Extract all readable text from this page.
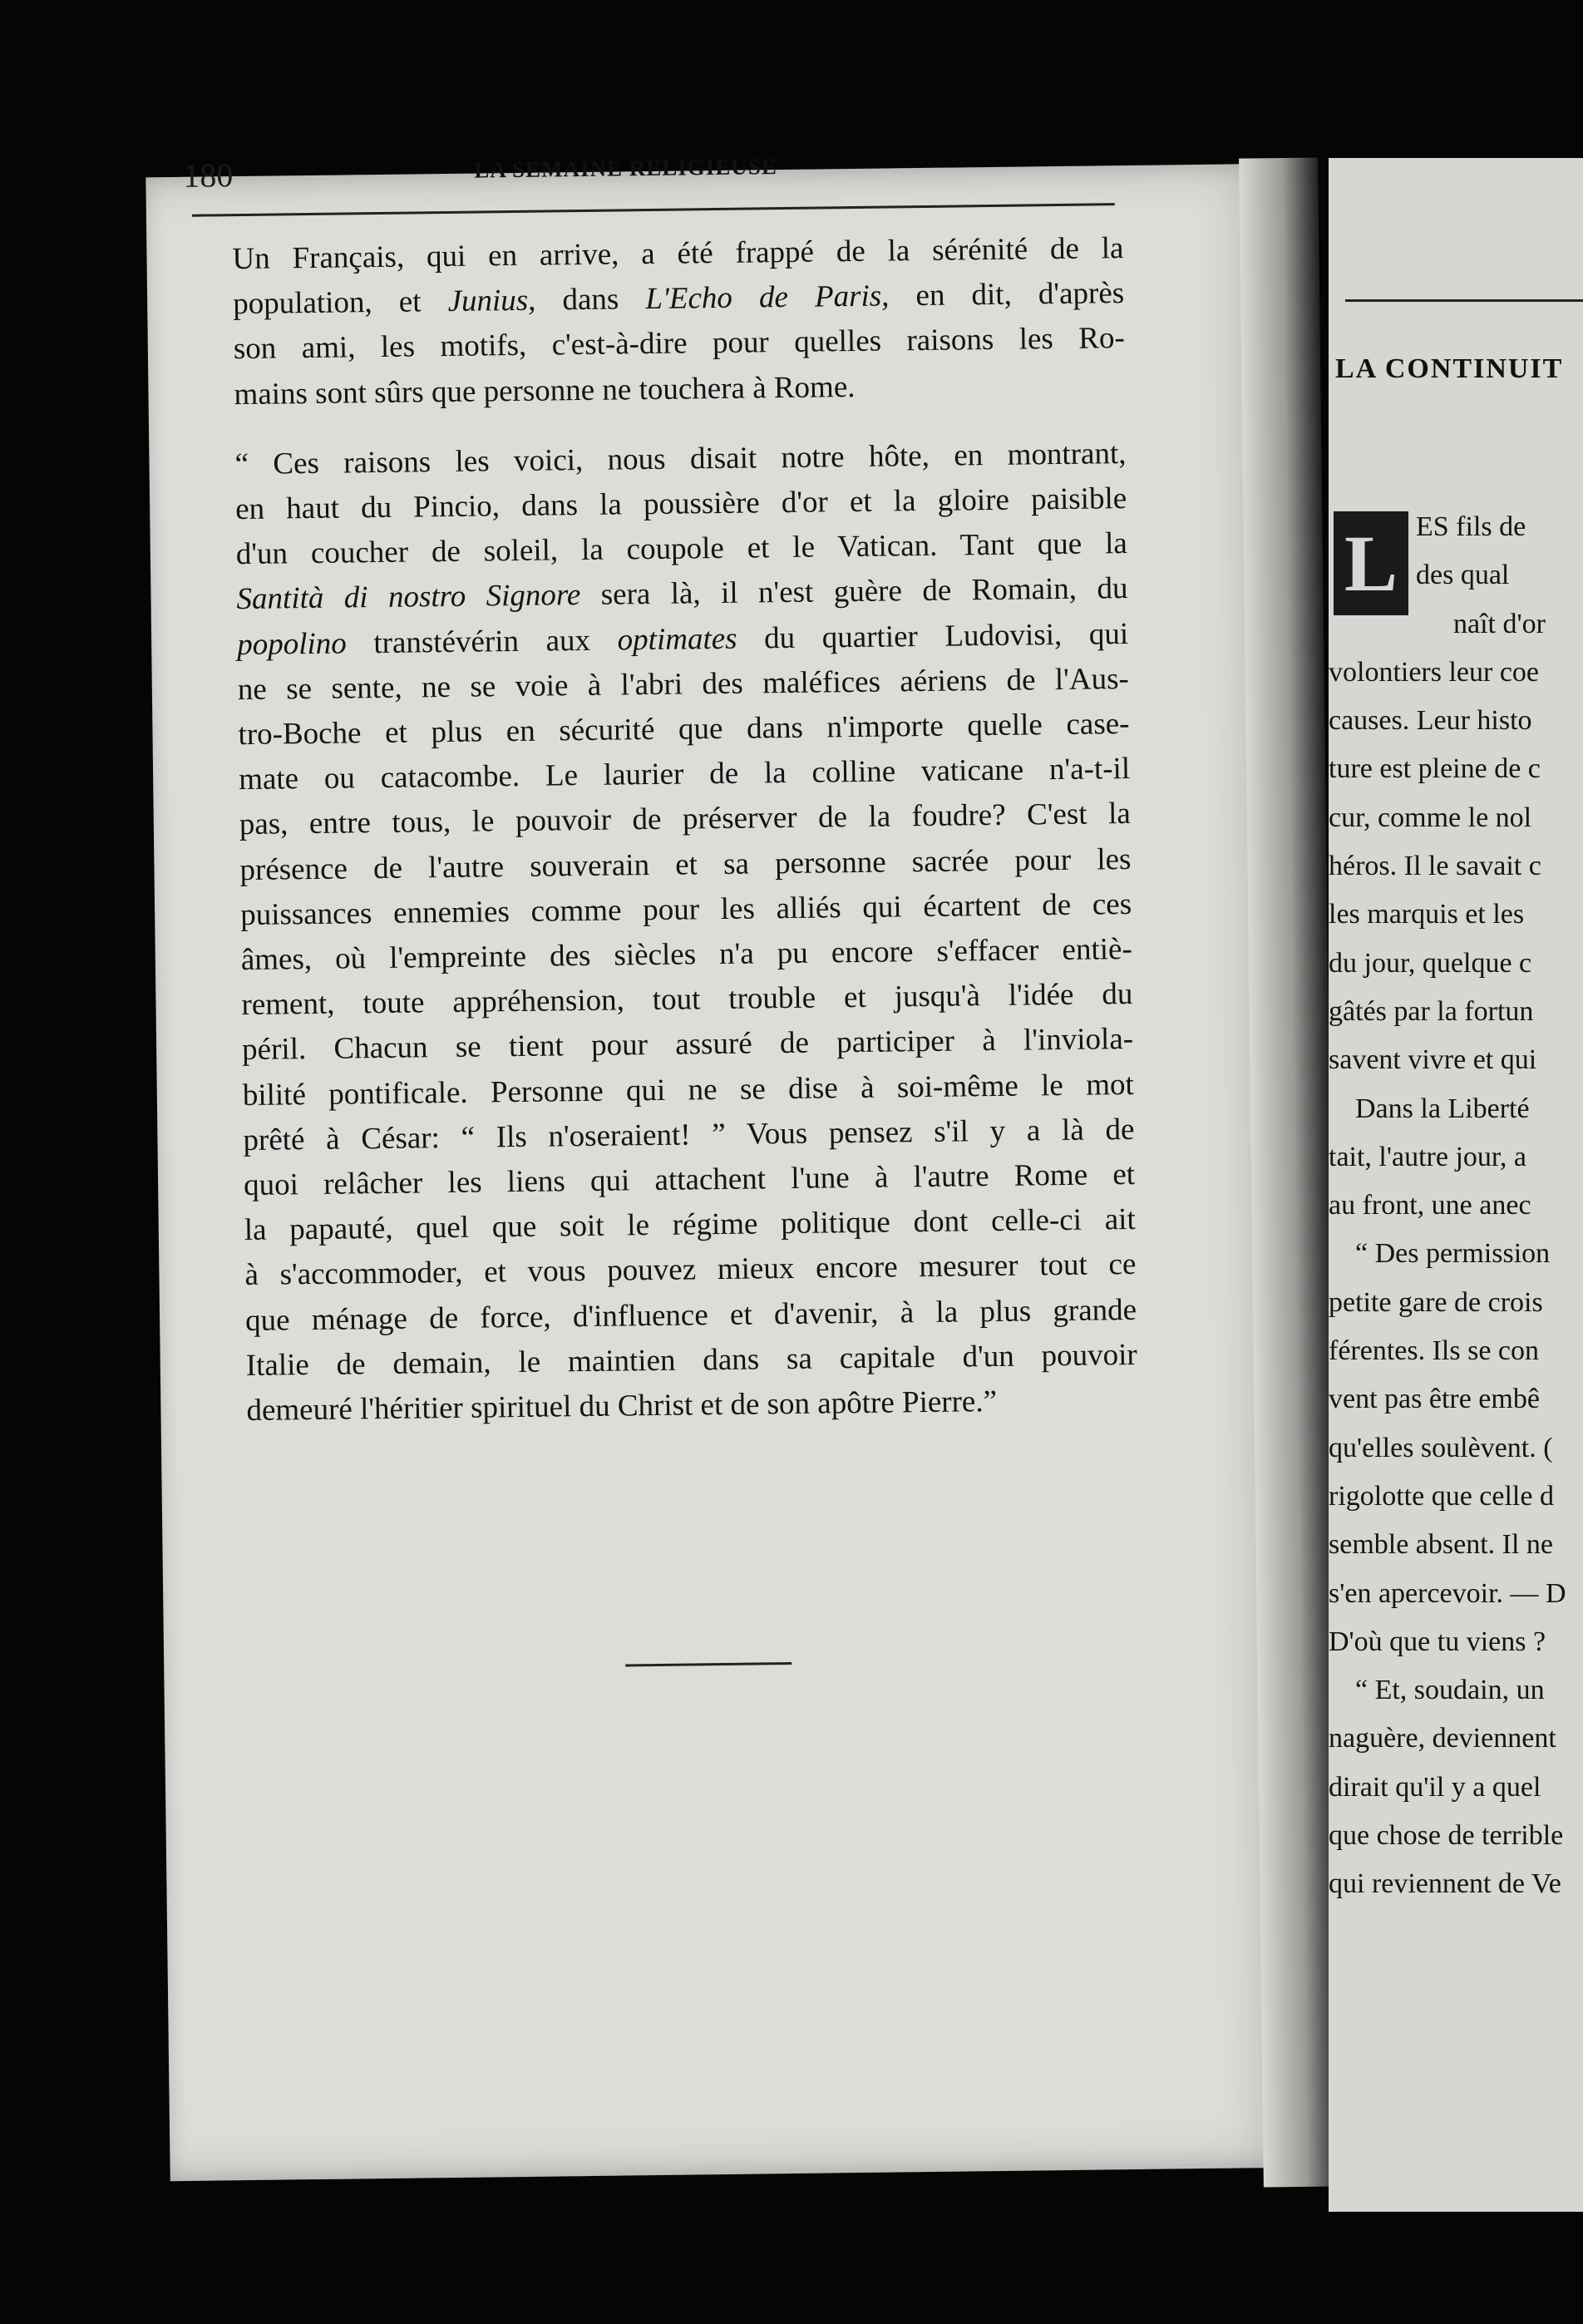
LA CONTINUIT
L ES fils de
des qual
naît d'or
volontiers leur coe
causes. Leur histo
ture est pleine de c
cur, comme le nol
héros. Il le savait c
les marquis et les
du jour, quelque c
gâtés par la fortun
savent vivre et qui
Dans la Liberté
tait, l'autre jour, a
au front, une anec
“ Des permission
petite gare de crois
férentes. Ils se con
vent pas être embê
qu'elles soulèvent. (
rigolotte que celle d
semble absent. Il ne
s'en apercevoir. — D
D'où que tu viens ?
“ Et, soudain, un
naguère, deviennent
dirait qu'il y a quel
que chose de terrible
qui reviennent de Ve
180	LA SEMAINE RELIGIEUSE

Un Français, qui en arrive, a été frappé de la sérénité de la
population, et Junius, dans L'Echo de Paris, en dit, d'après
son ami, les motifs, c'est-à-dire pour quelles raisons les Ro-
mains sont sûrs que personne ne touchera à Rome.

“ Ces raisons les voici, nous disait notre hôte, en montrant,
en haut du Pincio, dans la poussière d'or et la gloire paisible
d'un coucher de soleil, la coupole et le Vatican. Tant que la
Santità di nostro Signore sera là, il n'est guère de Romain, du
popolino transtévérin aux optimates du quartier Ludovisi, qui
ne se sente, ne se voie à l'abri des maléfices aériens de l'Aus-
tro-Boche et plus en sécurité que dans n'importe quelle case-
mate ou catacombe. Le laurier de la colline vaticane n'a-t-il
pas, entre tous, le pouvoir de préserver de la foudre? C'est la
présence de l'autre souverain et sa personne sacrée pour les
puissances ennemies comme pour les alliés qui écartent de ces
âmes, où l'empreinte des siècles n'a pu encore s'effacer entiè-
rement, toute appréhension, tout trouble et jusqu'à l'idée du
péril. Chacun se tient pour assuré de participer à l'inviola-
bilité pontificale. Personne qui ne se dise à soi-même le mot
prêté à César: “ Ils n'oseraient! ” Vous pensez s'il y a là de
quoi relâcher les liens qui attachent l'une à l'autre Rome et
la papauté, quel que soit le régime politique dont celle-ci ait
à s'accommoder, et vous pouvez mieux encore mesurer tout ce
que ménage de force, d'influence et d'avenir, à la plus grande
Italie de demain, le maintien dans sa capitale d'un pouvoir
demeuré l'héritier spirituel du Christ et de son apôtre Pierre.”
